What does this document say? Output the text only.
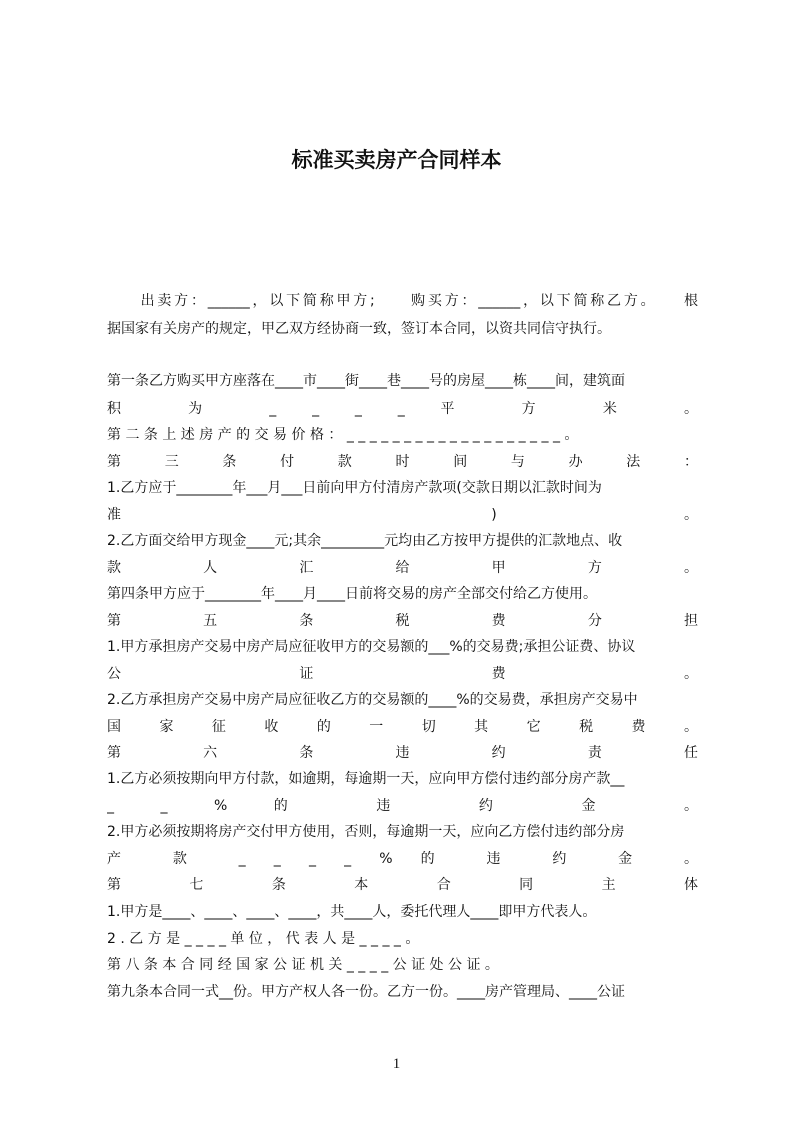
标准买卖房产合同样本

　　出卖方：______，以下简称甲方;　　购买方：______，以下简称乙方。　　根

据国家有关房产的规定，甲乙双方经协商一致，签订本合同，以资共同信守执行。

第一条乙方购买甲方座落在____市____街____巷____号的房屋____栋____间，建筑面

积 为 _ _ _ _ 平 方 米 。

第 二 条 上 述 房 产 的 交 易 价 格 ： _ _ _ _ _ _ _ _ _ _ _ _ _ _ _ _ _ _ _ 。

第 三 条 付 款 时 间 与 办 法 ：

1.乙方应于________年___月___日前向甲方付清房产款项(交款日期以汇款时间为

准 ) 。

2.乙方面交给甲方现金____元;其余_________元均由乙方按甲方提供的汇款地点、收

款 人 汇 给 甲 方 。

第四条甲方应于________年____月____日前将交易的房产全部交付给乙方使用。

第 五 条 税 费 分 担

1.甲方承担房产交易中房产局应征收甲方的交易额的___%的交易费;承担公证费、协议

公 证 费 。

2.乙方承担房产交易中房产局应征收乙方的交易额的____%的交易费，承担房产交易中

国 家 征 收 的 一 切 其 它 税 费 。

第 六 条 违 约 责 任

1.乙方必须按期向甲方付款，如逾期，每逾期一天，应向甲方偿付违约部分房产款__

_ _ % 的 违 约 金 。

2.甲方必须按期将房产交付甲方使用，否则，每逾期一天，应向乙方偿付违约部分房

产 款 _ _ _ _ % 的 违 约 金 。

第 七 条 本 合 同 主 体

1.甲方是____、____、____、____，共____人，委托代理人____即甲方代表人。

2 . 乙 方 是 _ _ _ _ 单 位 ， 代 表 人 是 _ _ _ _ 。

第 八 条 本 合 同 经 国 家 公 证 机 关 _ _ _ _ 公 证 处 公 证 。

第九条本合同一式__份。甲方产权人各一份。乙方一份。____房产管理局、____公证

1
